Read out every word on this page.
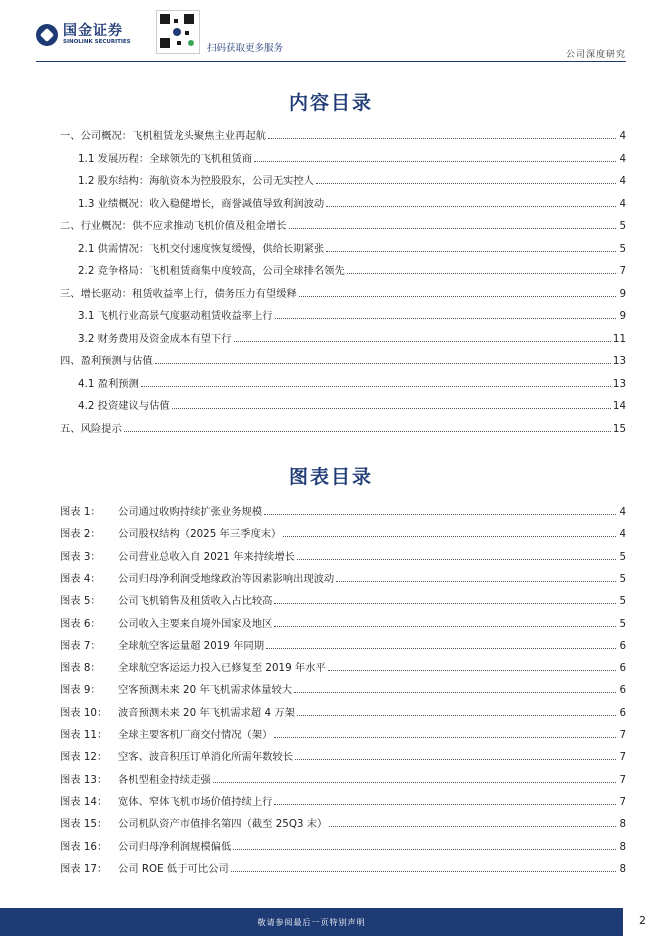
国金证券
SINOLINK SECURITIES
扫码获取更多服务
公司深度研究
内容目录
一、公司概况：飞机租赁龙头聚焦主业再起航	4
1.1 发展历程：全球领先的飞机租赁商	4
1.2 股东结构：海航资本为控股股东，公司无实控人	4
1.3 业绩概况：收入稳健增长，商誉减值导致利润波动	4
二、行业概况：供不应求推动飞机价值及租金增长	5
2.1 供需情况：飞机交付速度恢复缓慢，供给长期紧张	5
2.2 竞争格局：飞机租赁商集中度较高，公司全球排名领先	7
三、增长驱动：租赁收益率上行，债务压力有望缓释	9
3.1 飞机行业高景气度驱动租赁收益率上行	9
3.2 财务费用及资金成本有望下行	11
四、盈利预测与估值	13
4.1 盈利预测	13
4.2 投资建议与估值	14
五、风险提示	15
图表目录
图表 1：	公司通过收购持续扩张业务规模	4
图表 2：	公司股权结构（2025 年三季度末）	4
图表 3：	公司营业总收入自 2021 年来持续增长	5
图表 4：	公司归母净利润受地缘政治等因素影响出现波动	5
图表 5：	公司飞机销售及租赁收入占比较高	5
图表 6：	公司收入主要来自境外国家及地区	5
图表 7：	全球航空客运量超 2019 年同期	6
图表 8：	全球航空客运运力投入已修复至 2019 年水平	6
图表 9：	空客预测未来 20 年飞机需求体量较大	6
图表 10：	波音预测未来 20 年飞机需求超 4 万架	6
图表 11：	全球主要客机厂商交付情况（架）	7
图表 12：	空客、波音积压订单消化所需年数较长	7
图表 13：	各机型租金持续走强	7
图表 14：	宽体、窄体飞机市场价值持续上行	7
图表 15：	公司机队资产市值排名第四（截至 25Q3 末）	8
图表 16：	公司归母净利润规模偏低	8
图表 17：	公司 ROE 低于可比公司	8
敬请参阅最后一页特别声明	2
